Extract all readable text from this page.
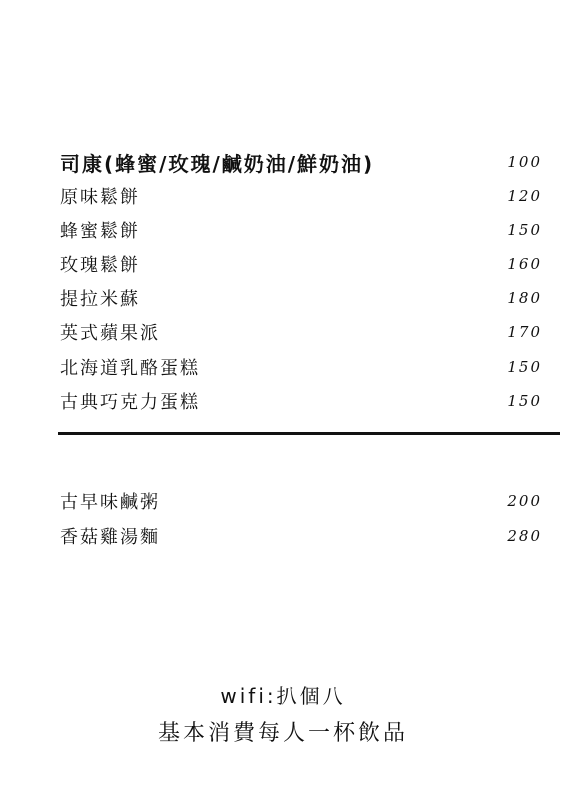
司康(蜂蜜/玫瑰/鹹奶油/鮮奶油)	100
原味鬆餅	120
蜂蜜鬆餅	150
玫瑰鬆餅	160
提拉米蘇	180
英式蘋果派	170
北海道乳酪蛋糕	150
古典巧克力蛋糕	150
古早味鹹粥	200
香菇雞湯麵	280
wifi:扒個八
基本消費每人一杯飲品
